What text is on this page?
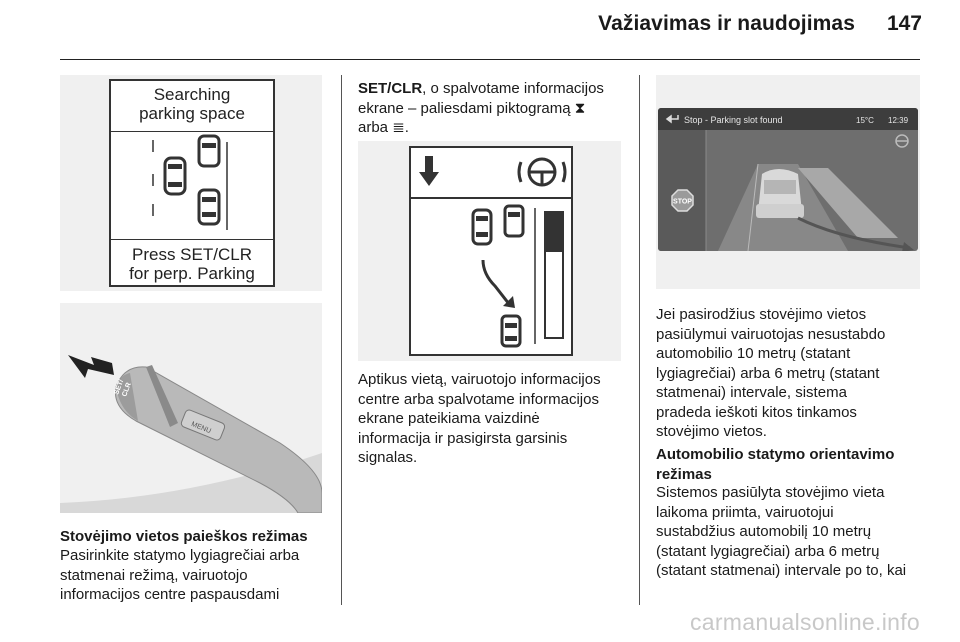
Važiavimas ir naudojimas 147
Searching
parking space
Press SET/CLR
for perp. Parking
SET/
CLR
MENU
Stovėjimo vietos paieškos režimas
Pasirinkite statymo lygiagrečiai arba
statmenai režimą, vairuotojo
informacijos centre paspausdami
SET/CLR, o spalvotame informacijos
ekrane – paliesdami piktogramą ⧗
arba ≣.
Aptikus vietą, vairuotojo informacijos
centre arba spalvotame informacijos
ekrane pateikiama vaizdinė
informacija ir pasigirsta garsinis
signalas.
Stop - Parking slot found	15°C 12:39
STOP
Jei pasirodžius stovėjimo vietos
pasiūlymui vairuotojas nesustabdo
automobilio 10 metrų (statant
lygiagrečiai) arba 6 metrų (statant
statmenai) intervale, sistema
pradeda ieškoti kitos tinkamos
stovėjimo vietos.
Automobilio statymo orientavimo
režimas
Sistemos pasiūlyta stovėjimo vieta
laikoma priimta, vairuotojui
sustabdžius automobilį 10 metrų
(statant lygiagrečiai) arba 6 metrų
(statant statmenai) intervale po to, kai
carmanualsonline.info
